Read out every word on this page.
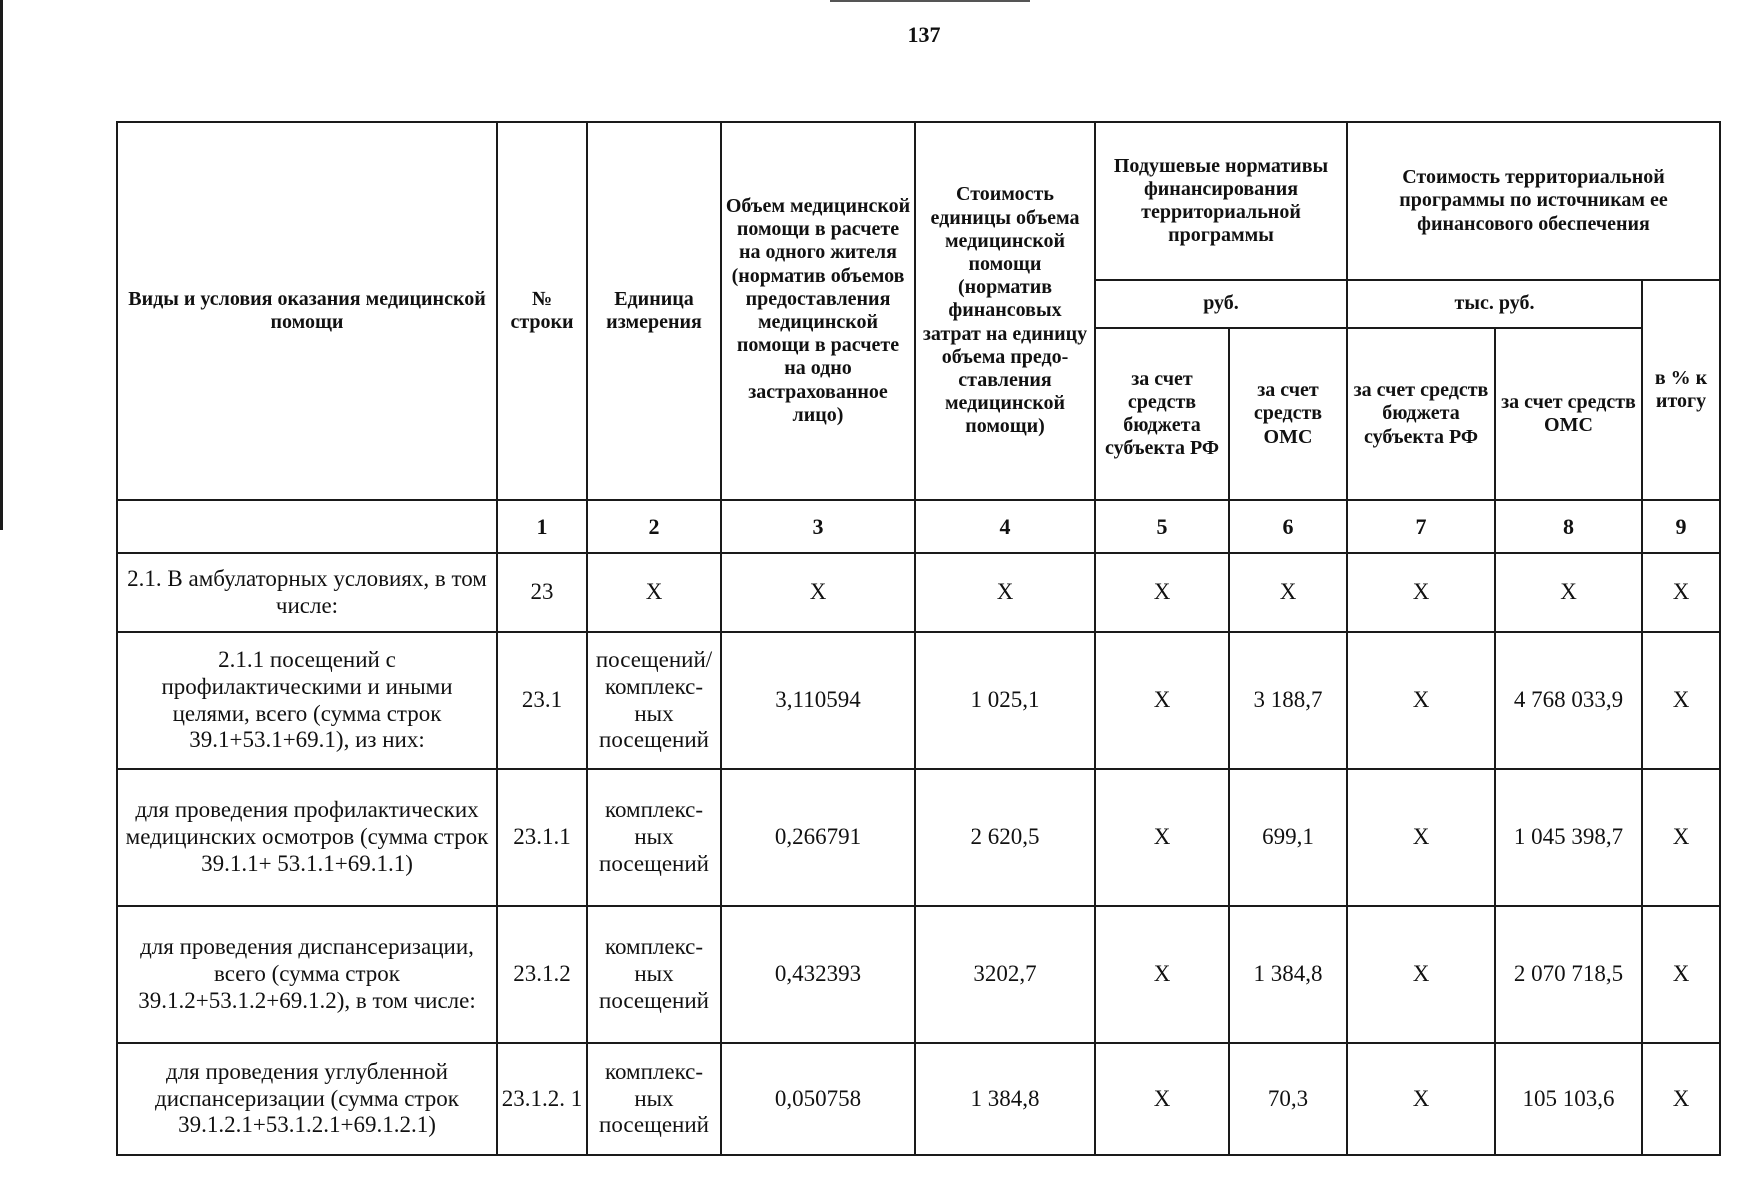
137
Виды и условия оказания медицинской помощи	№ строки	Единица измерения	Объем медицинской помощи в расчете на одного жителя (норматив объемов предоставления медицинской помощи в расчете на одно застрахованное лицо)	Стоимость единицы объема медицинской помощи (норматив финансовых затрат на единицу объема предо-ставления медицинской помощи)	Подушевые нормативы финансирования территориальной программы		Стоимость территориальной программы по источникам ее финансового обеспечения		
					руб.		тыс. руб.		в % к итогу
					за счет средств бюджета субъекта РФ	за счет средств ОМС	за счет средств бюджета субъекта РФ	за счет средств ОМС	
	1	2	3	4	5	6	7	8	9
2.1. В амбулаторных условиях, в том числе:	23	X	X	X	X	X	X	X	X
2.1.1 посещений с профилактическими и иными целями, всего (сумма строк 39.1+53.1+69.1), из них:	23.1	посещений/ комплекс-ных посещений	3,110594	1 025,1	X	3 188,7	X	4 768 033,9	X
для проведения профилактических медицинских осмотров (сумма строк 39.1.1+ 53.1.1+69.1.1)	23.1.1	комплекс-ных посещений	0,266791	2 620,5	X	699,1	X	1 045 398,7	X
для проведения диспансеризации, всего (сумма строк 39.1.2+53.1.2+69.1.2), в том числе:	23.1.2	комплекс-ных посещений	0,432393	3202,7	X	1 384,8	X	2 070 718,5	X
для проведения углубленной диспансеризации (сумма строк 39.1.2.1+53.1.2.1+69.1.2.1)	23.1.2. 1	комплекс-ных посещений	0,050758	1 384,8	X	70,3	X	105 103,6	X
